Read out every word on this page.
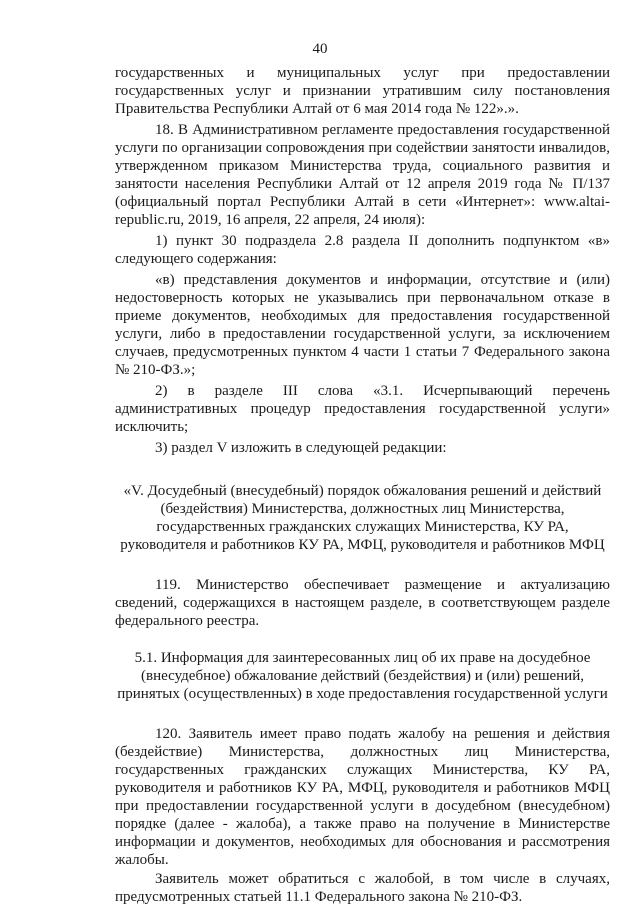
40

государственных и муниципальных услуг при предоставлении государственных услуг и признании утратившим силу постановления Правительства Республики Алтай от 6 мая 2014 года № 122».».

18. В Административном регламенте предоставления государственной услуги по организации сопровождения при содействии занятости инвалидов, утвержденном приказом Министерства труда, социального развития и занятости населения Республики Алтай от 12 апреля 2019 года № П/137 (официальный портал Республики Алтай в сети «Интернет»: www.altai-republic.ru, 2019, 16 апреля, 22 апреля, 24 июля):

1) пункт 30 подраздела 2.8 раздела II дополнить подпунктом «в» следующего содержания:

«в) представления документов и информации, отсутствие и (или) недостоверность которых не указывались при первоначальном отказе в приеме документов, необходимых для предоставления государственной услуги, либо в предоставлении государственной услуги, за исключением случаев, предусмотренных пунктом 4 части 1 статьи 7 Федерального закона № 210-ФЗ.»;

2) в разделе III слова «3.1. Исчерпывающий перечень административных процедур предоставления государственной услуги» исключить;

3) раздел V изложить в следующей редакции:

«V. Досудебный (внесудебный) порядок обжалования решений и действий (бездействия) Министерства, должностных лиц Министерства, государственных гражданских служащих Министерства, КУ РА, руководителя и работников КУ РА, МФЦ, руководителя и работников МФЦ

119. Министерство обеспечивает размещение и актуализацию сведений, содержащихся в настоящем разделе, в соответствующем разделе федерального реестра.

5.1. Информация для заинтересованных лиц об их праве на досудебное (внесудебное) обжалование действий (бездействия) и (или) решений, принятых (осуществленных) в ходе предоставления государственной услуги

120. Заявитель имеет право подать жалобу на решения и действия (бездействие) Министерства, должностных лиц Министерства, государственных гражданских служащих Министерства, КУ РА, руководителя и работников КУ РА, МФЦ, руководителя и работников МФЦ при предоставлении государственной услуги в досудебном (внесудебном) порядке (далее - жалоба), а также право на получение в Министерстве информации и документов, необходимых для обоснования и рассмотрения жалобы.

Заявитель может обратиться с жалобой, в том числе в случаях, предусмотренных статьей 11.1 Федерального закона № 210-ФЗ.
